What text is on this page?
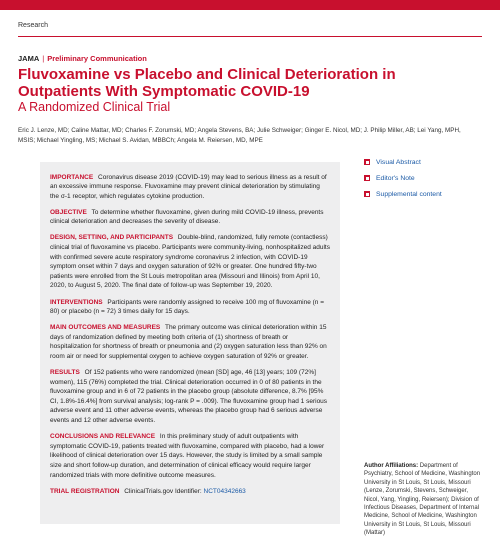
Research
JAMA | Preliminary Communication
Fluvoxamine vs Placebo and Clinical Deterioration in Outpatients With Symptomatic COVID-19
A Randomized Clinical Trial
Eric J. Lenze, MD; Caline Mattar, MD; Charles F. Zorumski, MD; Angela Stevens, BA; Julie Schweiger; Ginger E. Nicol, MD; J. Philip Miller, AB; Lei Yang, MPH, MSIS; Michael Yingling, MS; Michael S. Avidan, MBBCh; Angela M. Reiersen, MD, MPE

IMPORTANCE Coronavirus disease 2019 (COVID-19) may lead to serious illness as a result of an excessive immune response. Fluvoxamine may prevent clinical deterioration by stimulating the σ-1 receptor, which regulates cytokine production.

OBJECTIVE To determine whether fluvoxamine, given during mild COVID-19 illness, prevents clinical deterioration and decreases the severity of disease.

DESIGN, SETTING, AND PARTICIPANTS Double-blind, randomized, fully remote (contactless) clinical trial of fluvoxamine vs placebo. Participants were community-living, nonhospitalized adults with confirmed severe acute respiratory syndrome coronavirus 2 infection, with COVID-19 symptom onset within 7 days and oxygen saturation of 92% or greater. One hundred fifty-two patients were enrolled from the St Louis metropolitan area (Missouri and Illinois) from April 10, 2020, to August 5, 2020. The final date of follow-up was September 19, 2020.

INTERVENTIONS Participants were randomly assigned to receive 100 mg of fluvoxamine (n = 80) or placebo (n = 72) 3 times daily for 15 days.

MAIN OUTCOMES AND MEASURES The primary outcome was clinical deterioration within 15 days of randomization defined by meeting both criteria of (1) shortness of breath or hospitalization for shortness of breath or pneumonia and (2) oxygen saturation less than 92% on room air or need for supplemental oxygen to achieve oxygen saturation of 92% or greater.

RESULTS Of 152 patients who were randomized (mean [SD] age, 46 [13] years; 109 (72%] women), 115 (76%) completed the trial. Clinical deterioration occurred in 0 of 80 patients in the fluvoxamine group and in 6 of 72 patients in the placebo group (absolute difference, 8.7% [95% CI, 1.8%-16.4%] from survival analysis; log-rank P = .009). The fluvoxamine group had 1 serious adverse event and 11 other adverse events, whereas the placebo group had 6 serious adverse events and 12 other adverse events.

CONCLUSIONS AND RELEVANCE In this preliminary study of adult outpatients with symptomatic COVID-19, patients treated with fluvoxamine, compared with placebo, had a lower likelihood of clinical deterioration over 15 days. However, the study is limited by a small sample size and short follow-up duration, and determination of clinical efficacy would require larger randomized trials with more definitive outcome measures.

TRIAL REGISTRATION ClinicalTrials.gov Identifier: NCT04342663

Visual Abstract
Editor's Note
Supplemental content
Author Affiliations: Department of Psychiatry, School of Medicine, Washington University in St Louis, St Louis, Missouri (Lenze, Zorumski, Stevens, Schweiger, Nicol, Yang, Yingling, Reiersen); Division of Infectious Diseases, Department of Internal Medicine, School of Medicine, Washington University in St Louis, St Louis, Missouri (Mattar)
